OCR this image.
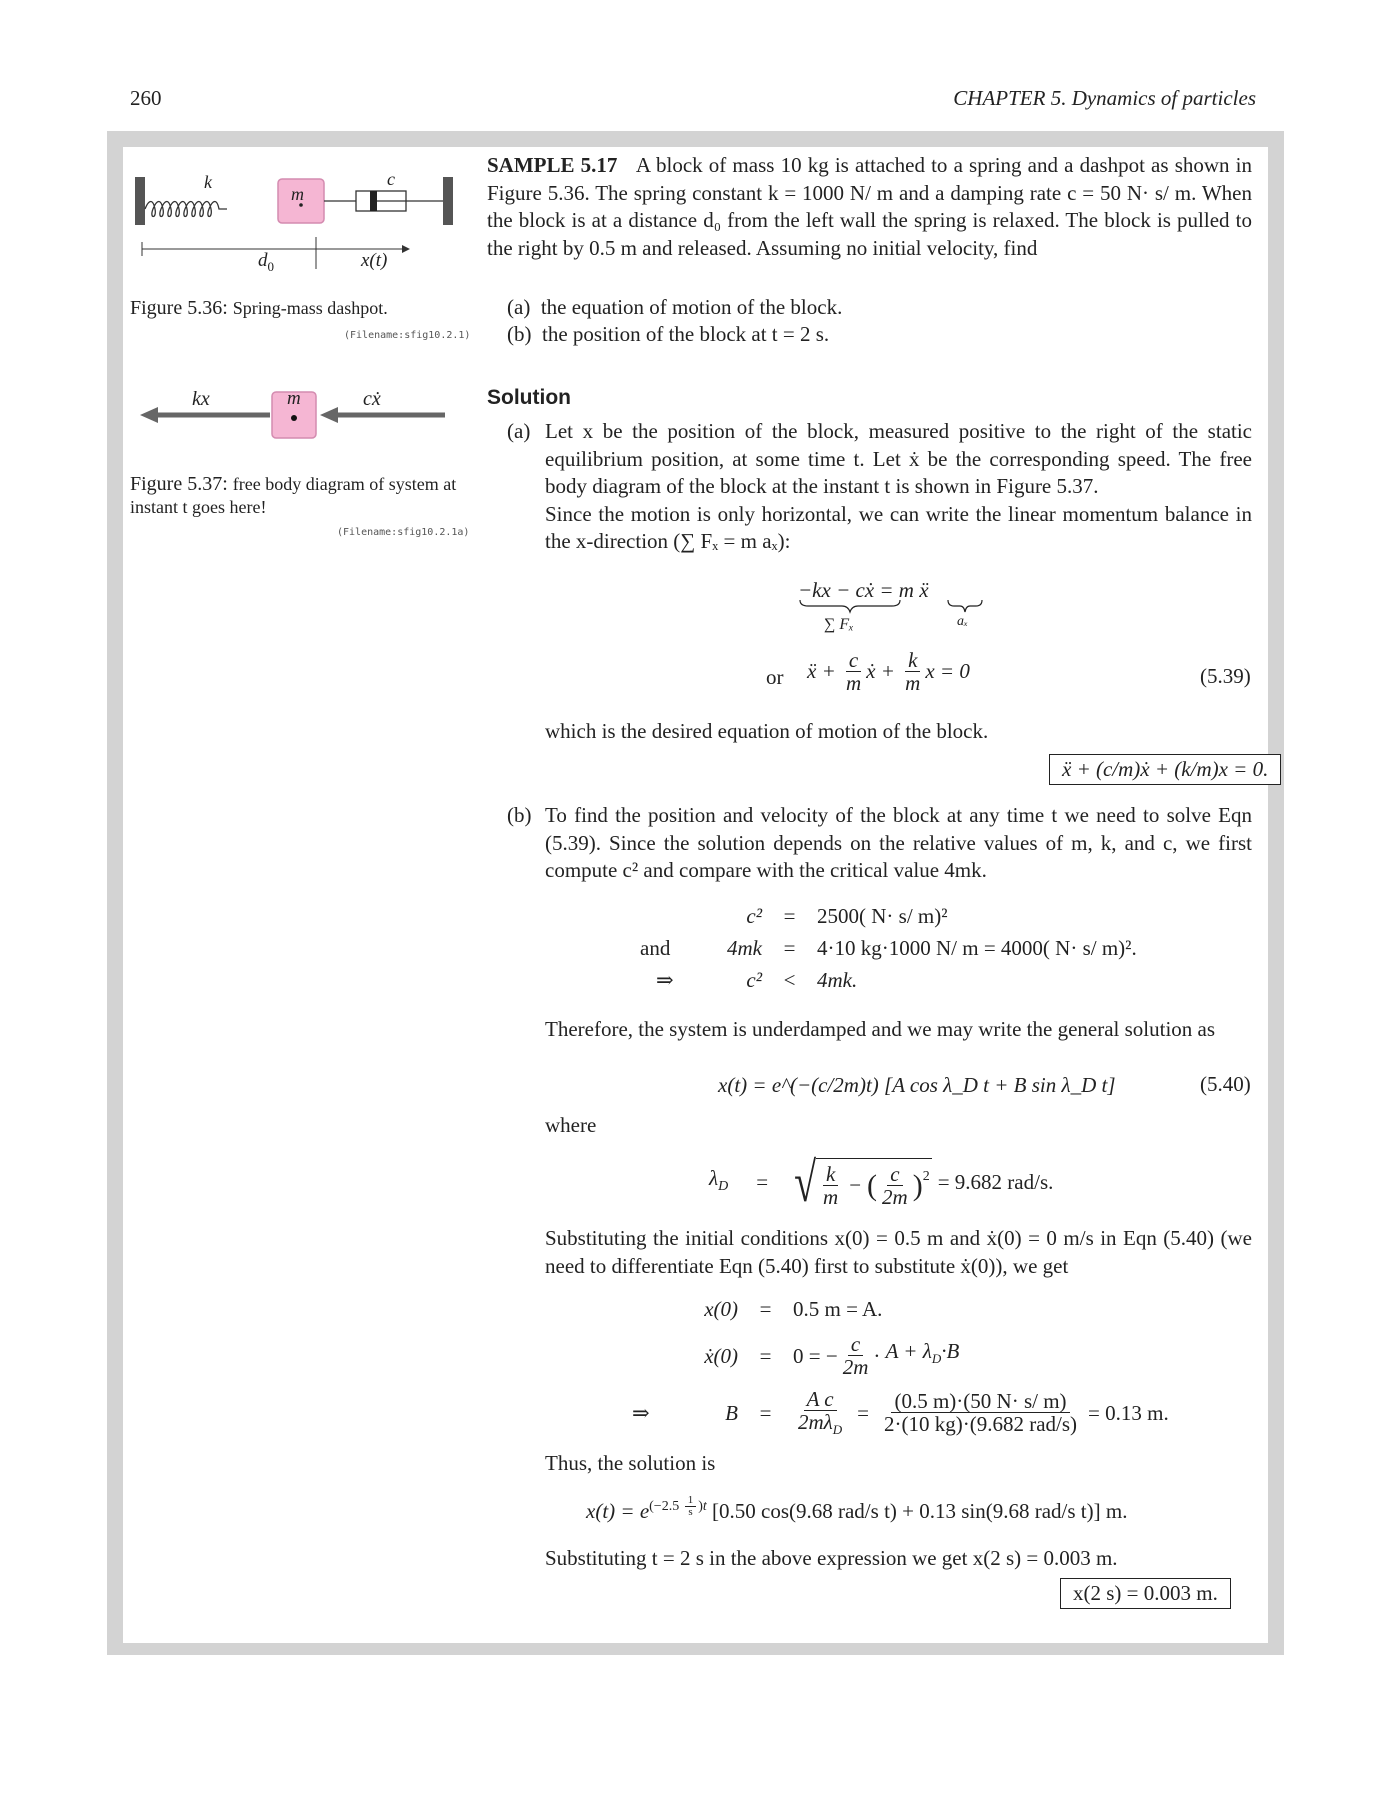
260	CHAPTER 5. Dynamics of particles
k
m
c
$d_0$	x(t)
Figure 5.36: Spring-mass dashpot.
(Filename:sfig10.2.1)
kx	m	cẋ
Figure 5.37: free body diagram of system at instant t goes here!
(Filename:sfig10.2.1a)
SAMPLE 5.17 A block of mass 10 kg is attached to a spring and a dashpot as shown in Figure 5.36. The spring constant k = 1000 N/ m and a damping rate c = 50 N· s/ m. When the block is at a distance d₀ from the left wall the spring is relaxed. The block is pulled to the right by 0.5 m and released. Assuming no initial velocity, find
(a) the equation of motion of the block.
(b) the position of the block at t = 2 s.
Solution
(a) Let x be the position of the block, measured positive to the right of the static equilibrium position, at some time t. Let ẋ be the corresponding speed. The free body diagram of the block at the instant t is shown in Figure 5.37.
Since the motion is only horizontal, we can write the linear momentum balance in the x-direction (∑ Fₓ = m aₓ):
−kx − cẋ = m ẍ
∑ Fₓ	aₓ
or ẍ + $\frac{c}{m}$ ẋ + $\frac{k}{m}$ x = 0	(5.39)
which is the desired equation of motion of the block.
ẍ + (c/m)ẋ + (k/m)x = 0.
(b) To find the position and velocity of the block at any time t we need to solve Eqn (5.39). Since the solution depends on the relative values of m, k, and c, we first compute c² and compare with the critical value 4mk.
c²	=	2500( N· s/ m)²
and	4mk	=	4·10 kg·1000 N/ m = 4000( N· s/ m)².
⇒	c²	<	4mk.
Therefore, the system is underdamped and we may write the general solution as
x(t) = e^(−(c/2m)t) [A cos λ_D t + B sin λ_D t]	(5.40)
where
$\lambda_D$ = √ $\frac{k}{m}$ − ( $\frac{c}{2m} )^2 = 9.682$ rad/s.
Substituting the initial conditions x(0) = 0.5 m and ẋ(0) = 0 m/s in Eqn (5.40) (we need to differentiate Eqn (5.40) first to substitute ẋ(0)), we get
x(0)	=	0.5 m = A.
ẋ(0)	=	0 = − $\frac{c}{2m} \cdot A + \lambda_D\cdot B$
⇒	B	=	$\frac{\text{A c}}{2m\lambda_D} = \frac{(0.5 m)\cdot(50 N\cdot s/ m)}{\text{2·(10 kg)·(9.682 rad/s)}} = 0.13$ m.
Thus, the solution is
$x(t) = e^{(-2.5 \frac{1}{s} )t}$ [0.50 cos(9.68 rad/s t) + 0.13 sin(9.68 rad/s t)] m.
Substituting t = 2 s in the above expression we get x(2 s) = 0.003 m.
x(2 s) = 0.003 m.
